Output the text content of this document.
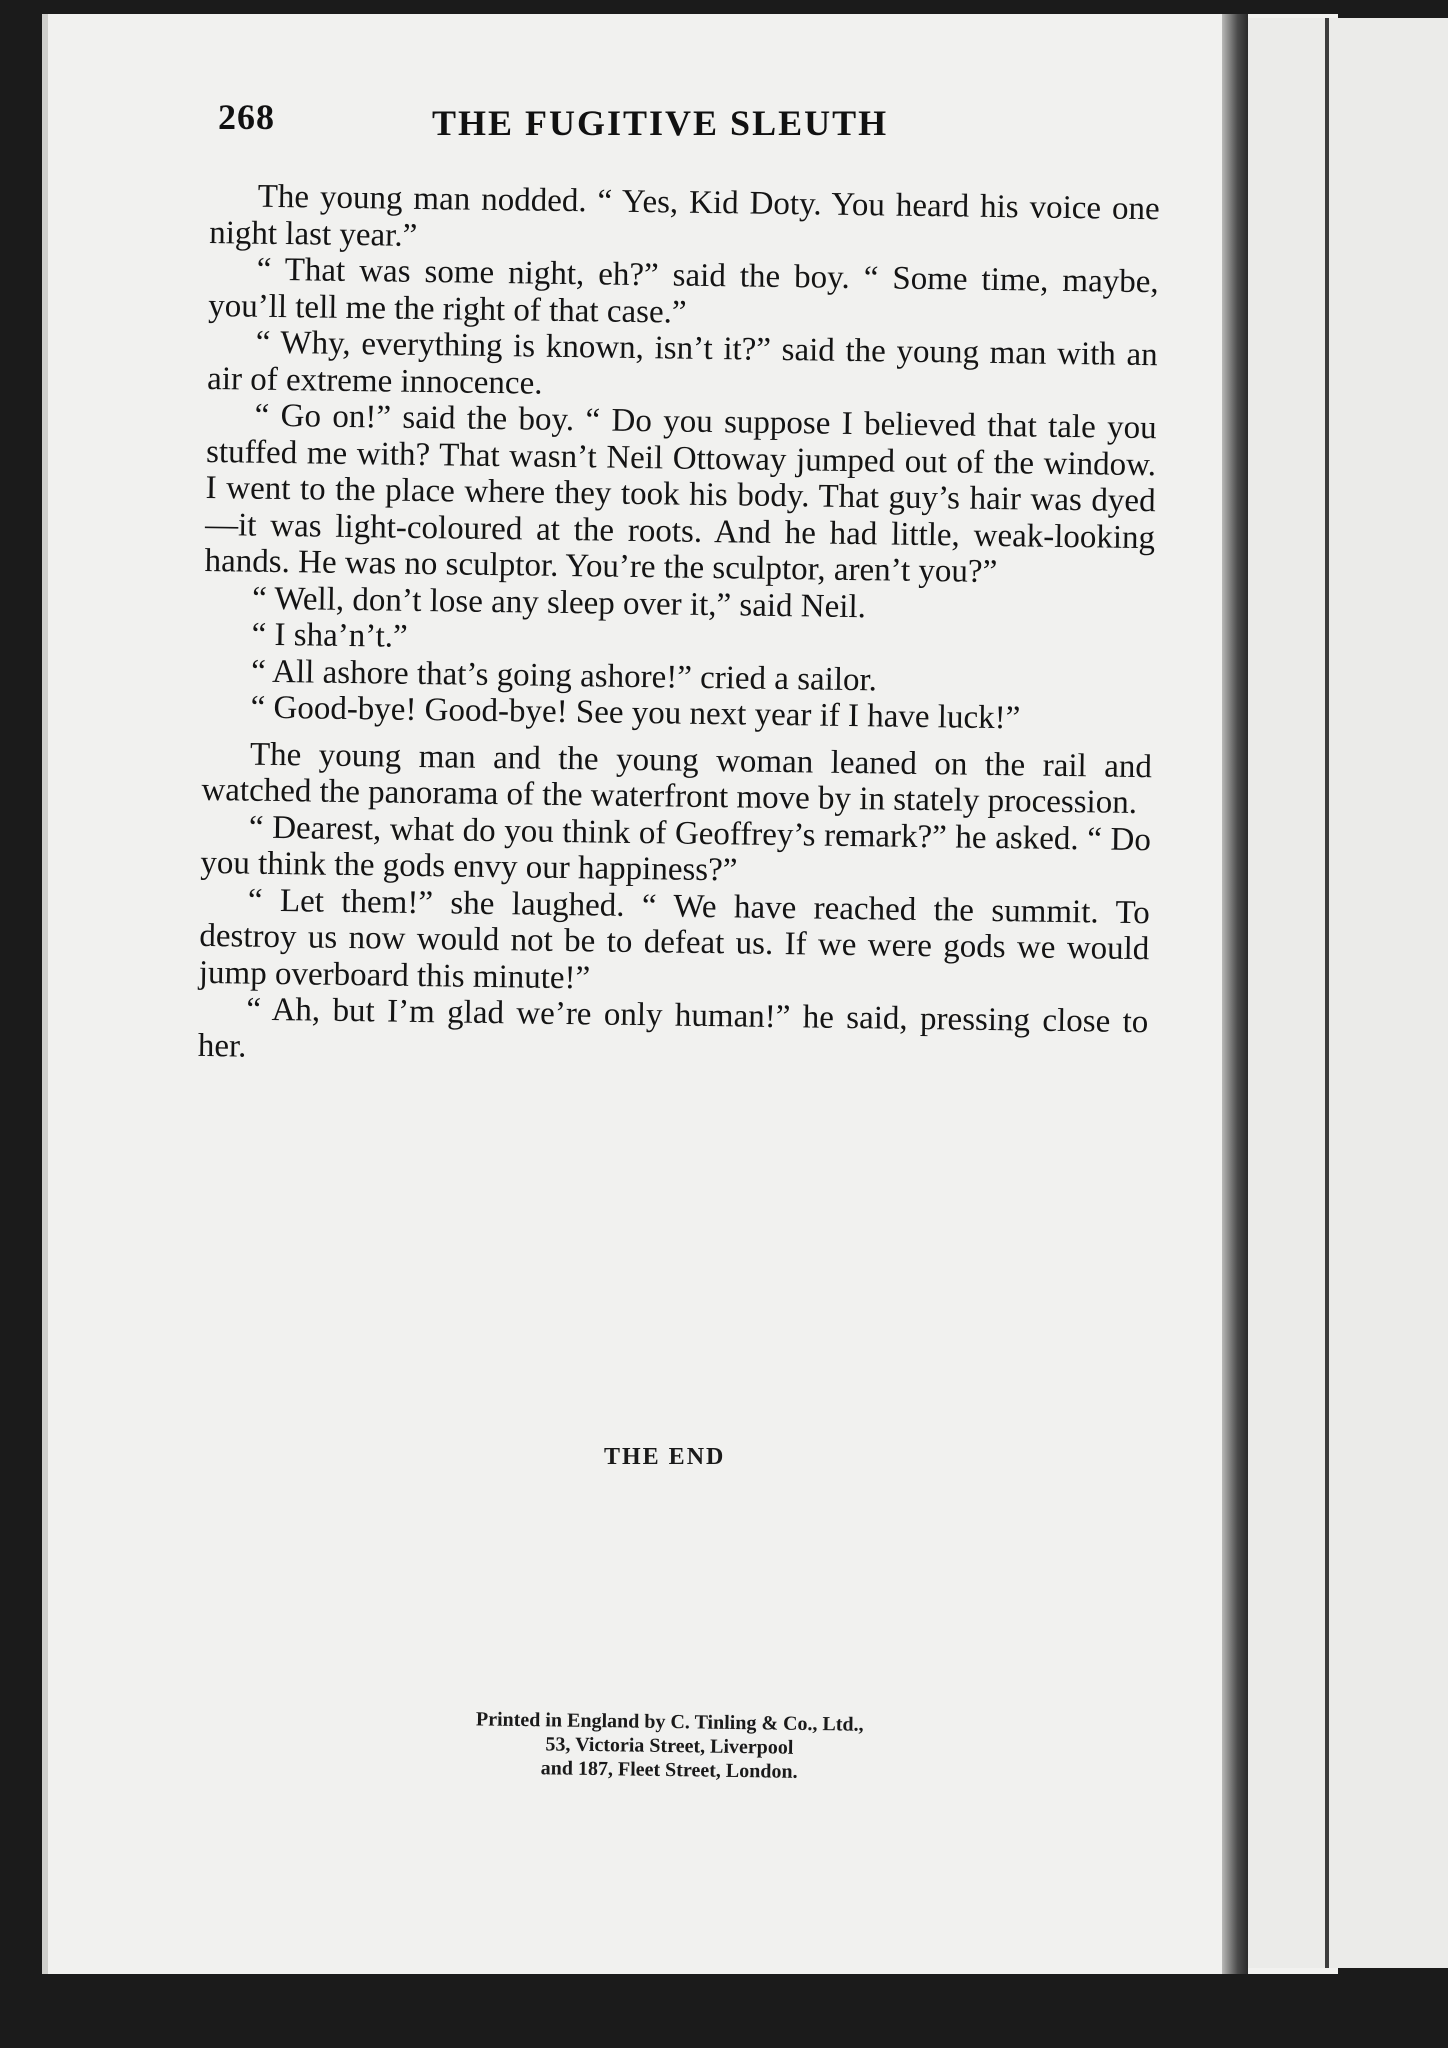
268	THE FUGITIVE SLEUTH

The young man nodded. “ Yes, Kid Doty. You heard his voice one night last year.”

“ That was some night, eh?” said the boy. “ Some time, maybe, you’ll tell me the right of that case.”

“ Why, everything is known, isn’t it?” said the young man with an air of extreme innocence.

“ Go on!” said the boy. “ Do you suppose I believed that tale you stuffed me with? That wasn’t Neil Ottoway jumped out of the window. I went to the place where they took his body. That guy’s hair was dyed—it was light-coloured at the roots. And he had little, weak-looking hands. He was no sculptor. You’re the sculptor, aren’t you?”

“ Well, don’t lose any sleep over it,” said Neil.

“ I sha’n’t.”

“ All ashore that’s going ashore!” cried a sailor.

“ Good-bye! Good-bye! See you next year if I have luck!”

The young man and the young woman leaned on the rail and watched the panorama of the waterfront move by in stately procession.

“ Dearest, what do you think of Geoffrey’s remark?” he asked. “ Do you think the gods envy our happiness?”

“ Let them!” she laughed. “ We have reached the summit. To destroy us now would not be to defeat us. If we were gods we would jump overboard this minute!”

“ Ah, but I’m glad we’re only human!” he said, pressing close to her.

THE END
Printed in England by C. Tinling & Co., Ltd.,
53, Victoria Street, Liverpool
and 187, Fleet Street, London.
